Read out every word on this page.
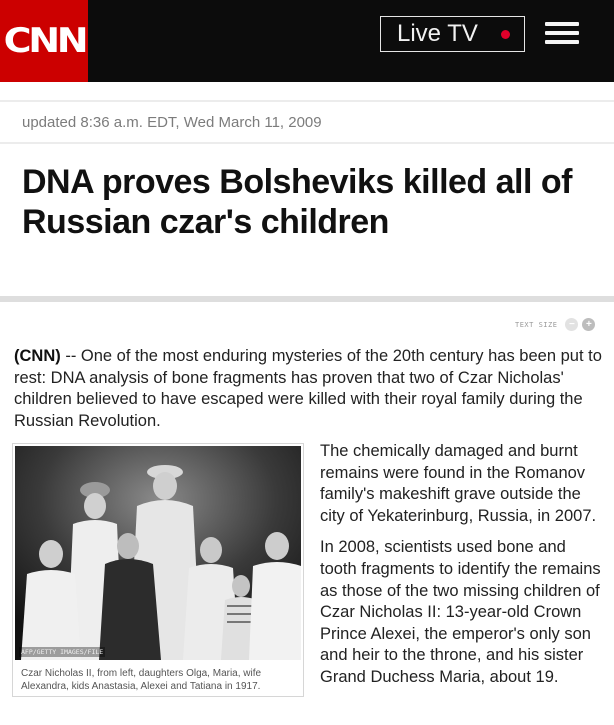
CNN	Live TV
updated 8:36 a.m. EDT, Wed March 11, 2009
DNA proves Bolsheviks killed all of Russian czar's children
TEXT SIZE	−	+

(CNN) -- One of the most enduring mysteries of the 20th century has been put to rest: DNA analysis of bone fragments has proven that two of Czar Nicholas' children believed to have escaped were killed with their royal family during the Russian Revolution.

AFP/GETTY IMAGES/FILE

Czar Nicholas II, from left, daughters Olga, Maria, wife Alexandra, kids Anastasia, Alexei and Tatiana in 1917.

The chemically damaged and burnt remains were found in the Romanov family's makeshift grave outside the city of Yekaterinburg, Russia, in 2007.

In 2008, scientists used bone and tooth fragments to identify the remains as those of the two missing children of Czar Nicholas II: 13-year-old Crown Prince Alexei, the emperor's only son and heir to the throne, and his sister Grand Duchess Maria, about 19.
